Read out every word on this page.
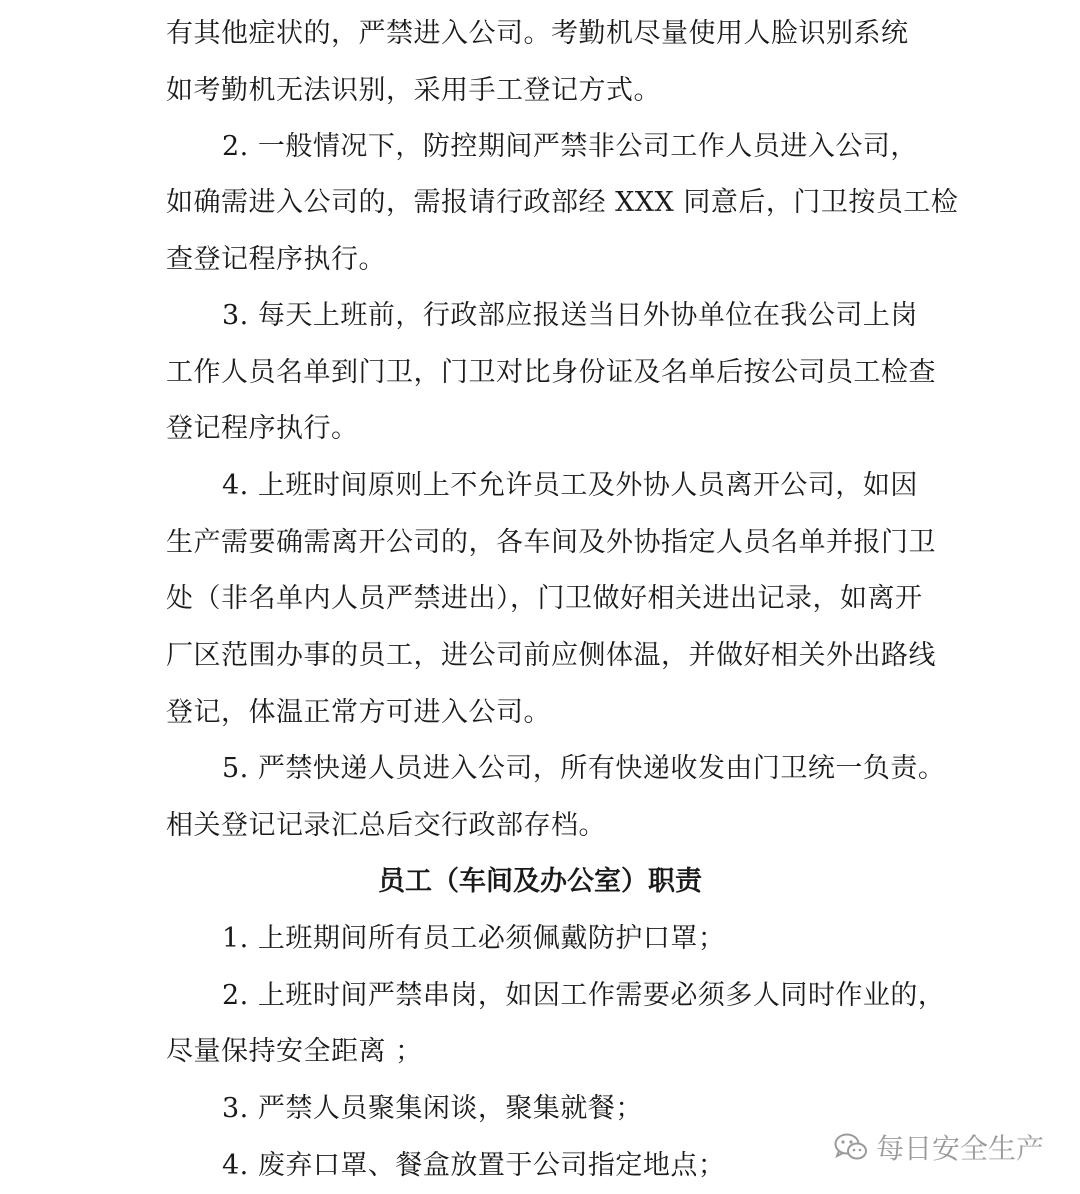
有其他症状的，严禁进入公司。考勤机尽量使用人脸识别系统
如考勤机无法识别，采用手工登记方式。
2. 一般情况下，防控期间严禁非公司工作人员进入公司，
如确需进入公司的，需报请行政部经 XXX 同意后，门卫按员工检
查登记程序执行。
3. 每天上班前，行政部应报送当日外协单位在我公司上岗
工作人员名单到门卫，门卫对比身份证及名单后按公司员工检查
登记程序执行。
4. 上班时间原则上不允许员工及外协人员离开公司，如因
生产需要确需离开公司的，各车间及外协指定人员名单并报门卫
处（非名单内人员严禁进出），门卫做好相关进出记录，如离开
厂区范围办事的员工，进公司前应侧体温，并做好相关外出路线
登记，体温正常方可进入公司。
5. 严禁快递人员进入公司，所有快递收发由门卫统一负责。
相关登记记录汇总后交行政部存档。
员工（车间及办公室）职责
1. 上班期间所有员工必须佩戴防护口罩；
2. 上班时间严禁串岗，如因工作需要必须多人同时作业的，
尽量保持安全距离 ；
3. 严禁人员聚集闲谈，聚集就餐；
4. 废弃口罩、餐盒放置于公司指定地点；
每日安全生产
